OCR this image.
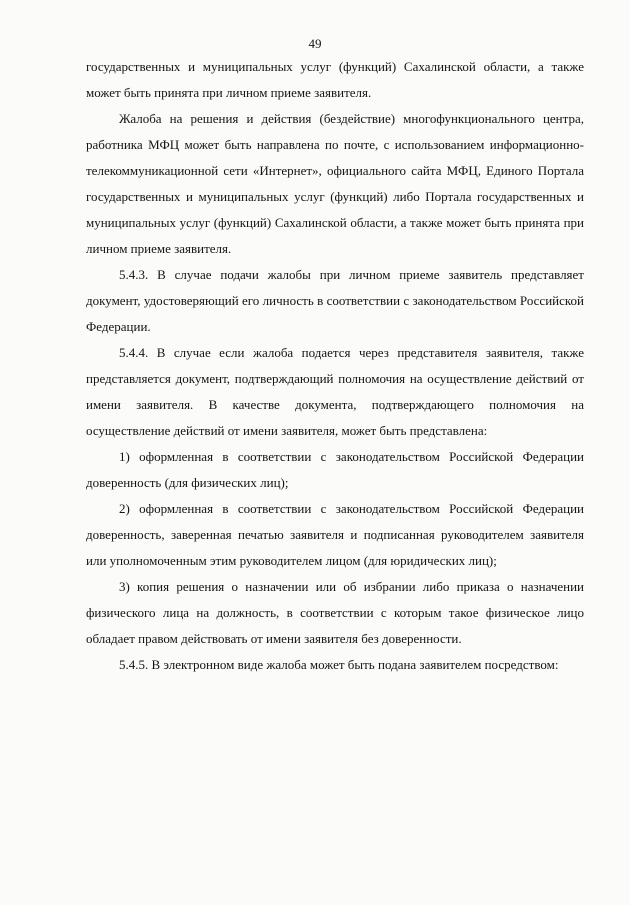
49

государственных и муниципальных услуг (функций) Сахалинской области, а также может быть принята при личном приеме заявителя.

Жалоба на решения и действия (бездействие) многофункционального центра, работника МФЦ может быть направлена по почте, с использованием информационно-телекоммуникационной сети «Интернет», официального сайта МФЦ, Единого Портала государственных и муниципальных услуг (функций) либо Портала государственных и муниципальных услуг (функций) Сахалинской области, а также может быть принята при личном приеме заявителя.

5.4.3. В случае подачи жалобы при личном приеме заявитель представляет документ, удостоверяющий его личность в соответствии с законодательством Российской Федерации.

5.4.4. В случае если жалоба подается через представителя заявителя, также представляется документ, подтверждающий полномочия на осуществление действий от имени заявителя. В качестве документа, подтверждающего полномочия на осуществление действий от имени заявителя, может быть представлена:

1) оформленная в соответствии с законодательством Российской Федерации доверенность (для физических лиц);

2) оформленная в соответствии с законодательством Российской Федерации доверенность, заверенная печатью заявителя и подписанная руководителем заявителя или уполномоченным этим руководителем лицом (для юридических лиц);

3) копия решения о назначении или об избрании либо приказа о назначении физического лица на должность, в соответствии с которым такое физическое лицо обладает правом действовать от имени заявителя без доверенности.

5.4.5. В электронном виде жалоба может быть подана заявителем посредством:
